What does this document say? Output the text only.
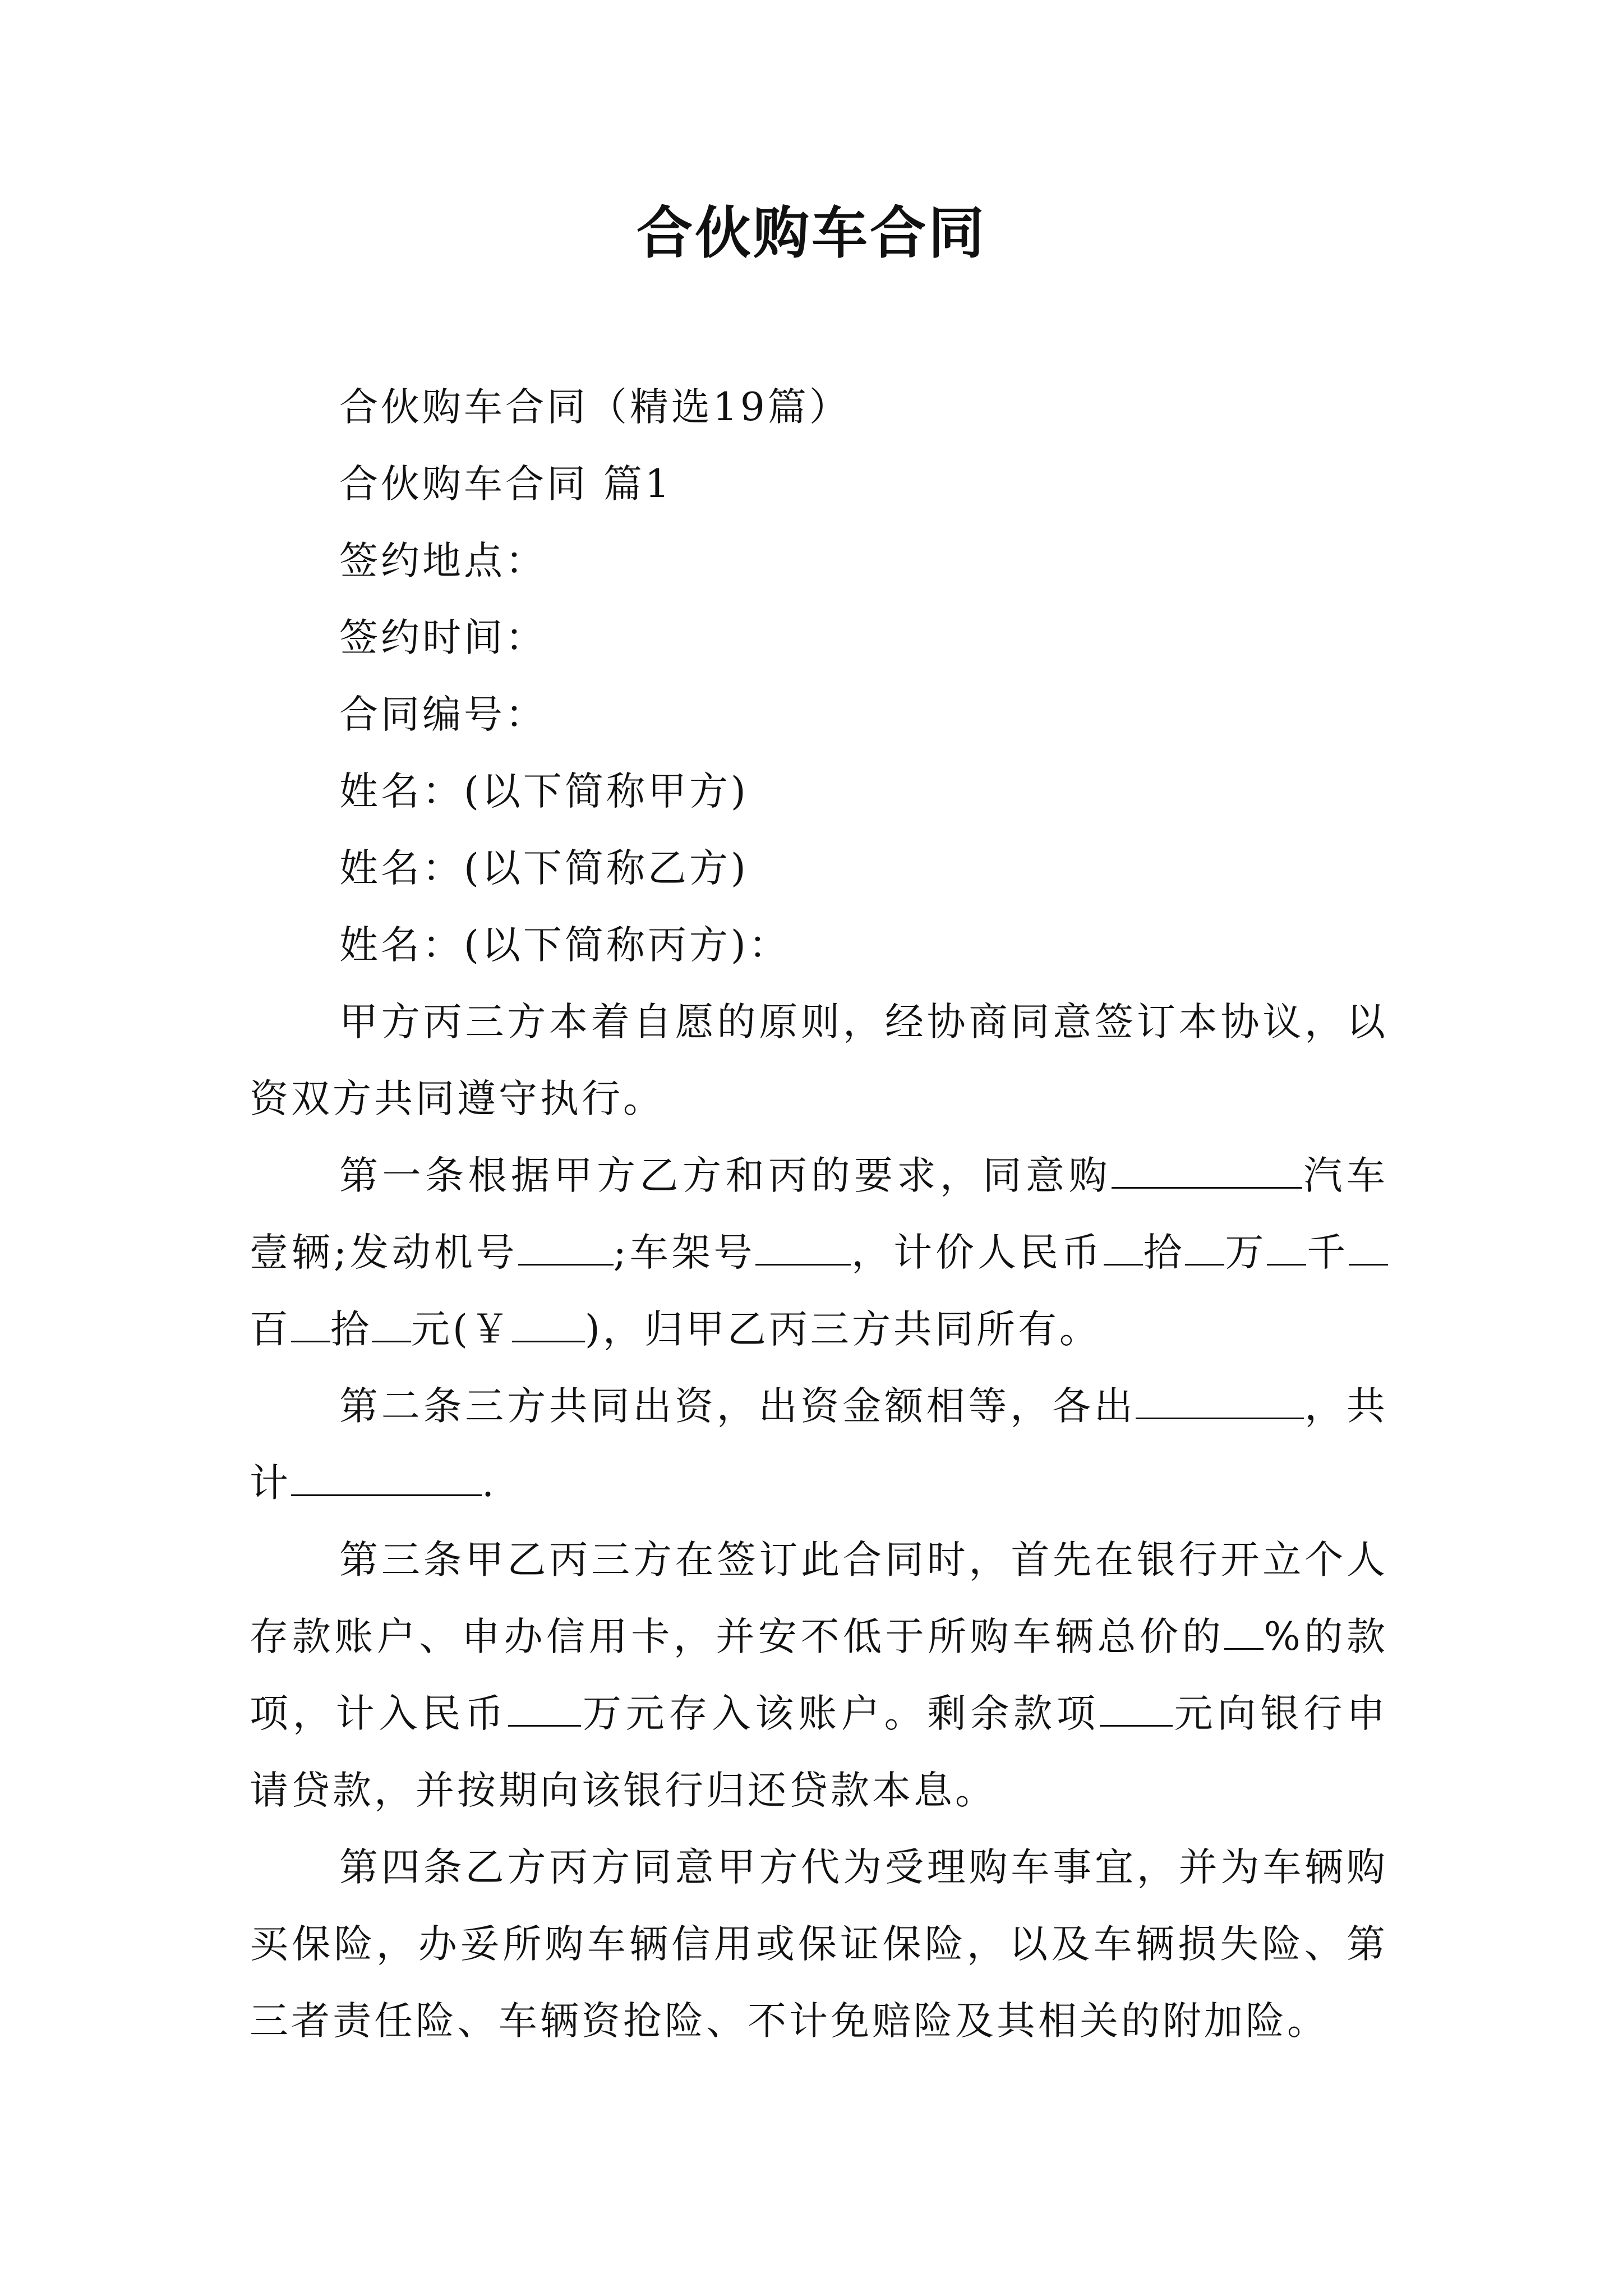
合伙购车合同

合伙购车合同（精选19篇）

合伙购车合同 篇1

签约地点：

签约时间：

合同编号：

姓名：(以下简称甲方)

姓名：(以下简称乙方)

姓名：(以下简称丙方)：

甲方丙三方本着自愿的原则，经协商同意签订本协议，以资双方共同遵守执行。

第一条根据甲方乙方和丙的要求，同意购	汽车壹辆;发动机号 ;车架号 ，计价人民币 拾 万 千百 拾 元(￥ )，归甲乙丙三方共同所有。

第二条三方共同出资，出资金额相等，各出	，共计	.

第三条甲乙丙三方在签订此合同时，首先在银行开立个人存款账户、申办信用卡，并安不低于所购车辆总价的 %的款项，计入民币 万元存入该账户。剩余款项 元向银行申请贷款，并按期向该银行归还贷款本息。

第四条乙方丙方同意甲方代为受理购车事宜，并为车辆购买保险，办妥所购车辆信用或保证保险，以及车辆损失险、第三者责任险、车辆资抢险、不计免赔险及其相关的附加险。
